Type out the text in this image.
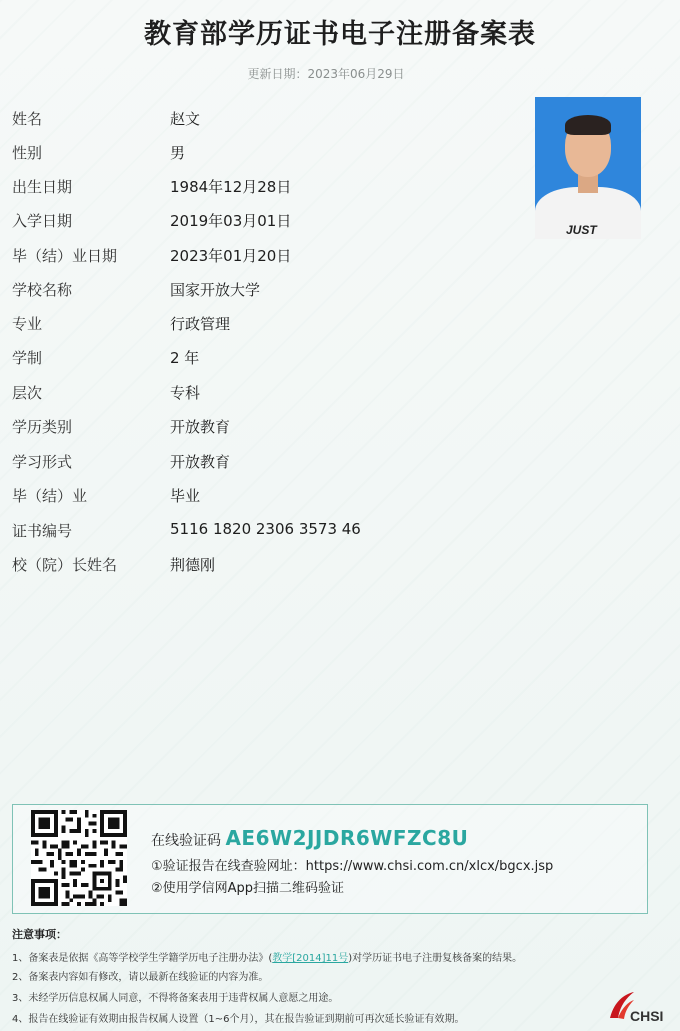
教育部学历证书电子注册备案表
更新日期：2023年06月29日
姓名	赵文
性别	男
出生日期	1984年12月28日
入学日期	2019年03月01日
毕（结）业日期	2023年01月20日
学校名称	国家开放大学
专业	行政管理
学制	2 年
层次	专科
学历类别	开放教育
学习形式	开放教育
毕（结）业	毕业
证书编号	5116 1820 2306 3573 46
校（院）长姓名	荆德刚
JUST
在线验证码 AE6W2JJDR6WFZC8U
①验证报告在线查验网址：https://www.chsi.com.cn/xlcx/bgcx.jsp
②使用学信网App扫描二维码验证
注意事项：
1、备案表是依据《高等学校学生学籍学历电子注册办法》(教学[2014]11号)对学历证书电子注册复核备案的结果。
2、备案表内容如有修改，请以最新在线验证的内容为准。
3、未经学历信息权属人同意，不得将备案表用于违背权属人意愿之用途。
4、报告在线验证有效期由报告权属人设置（1~6个月），其在报告验证到期前可再次延长验证有效期。	CHSI
